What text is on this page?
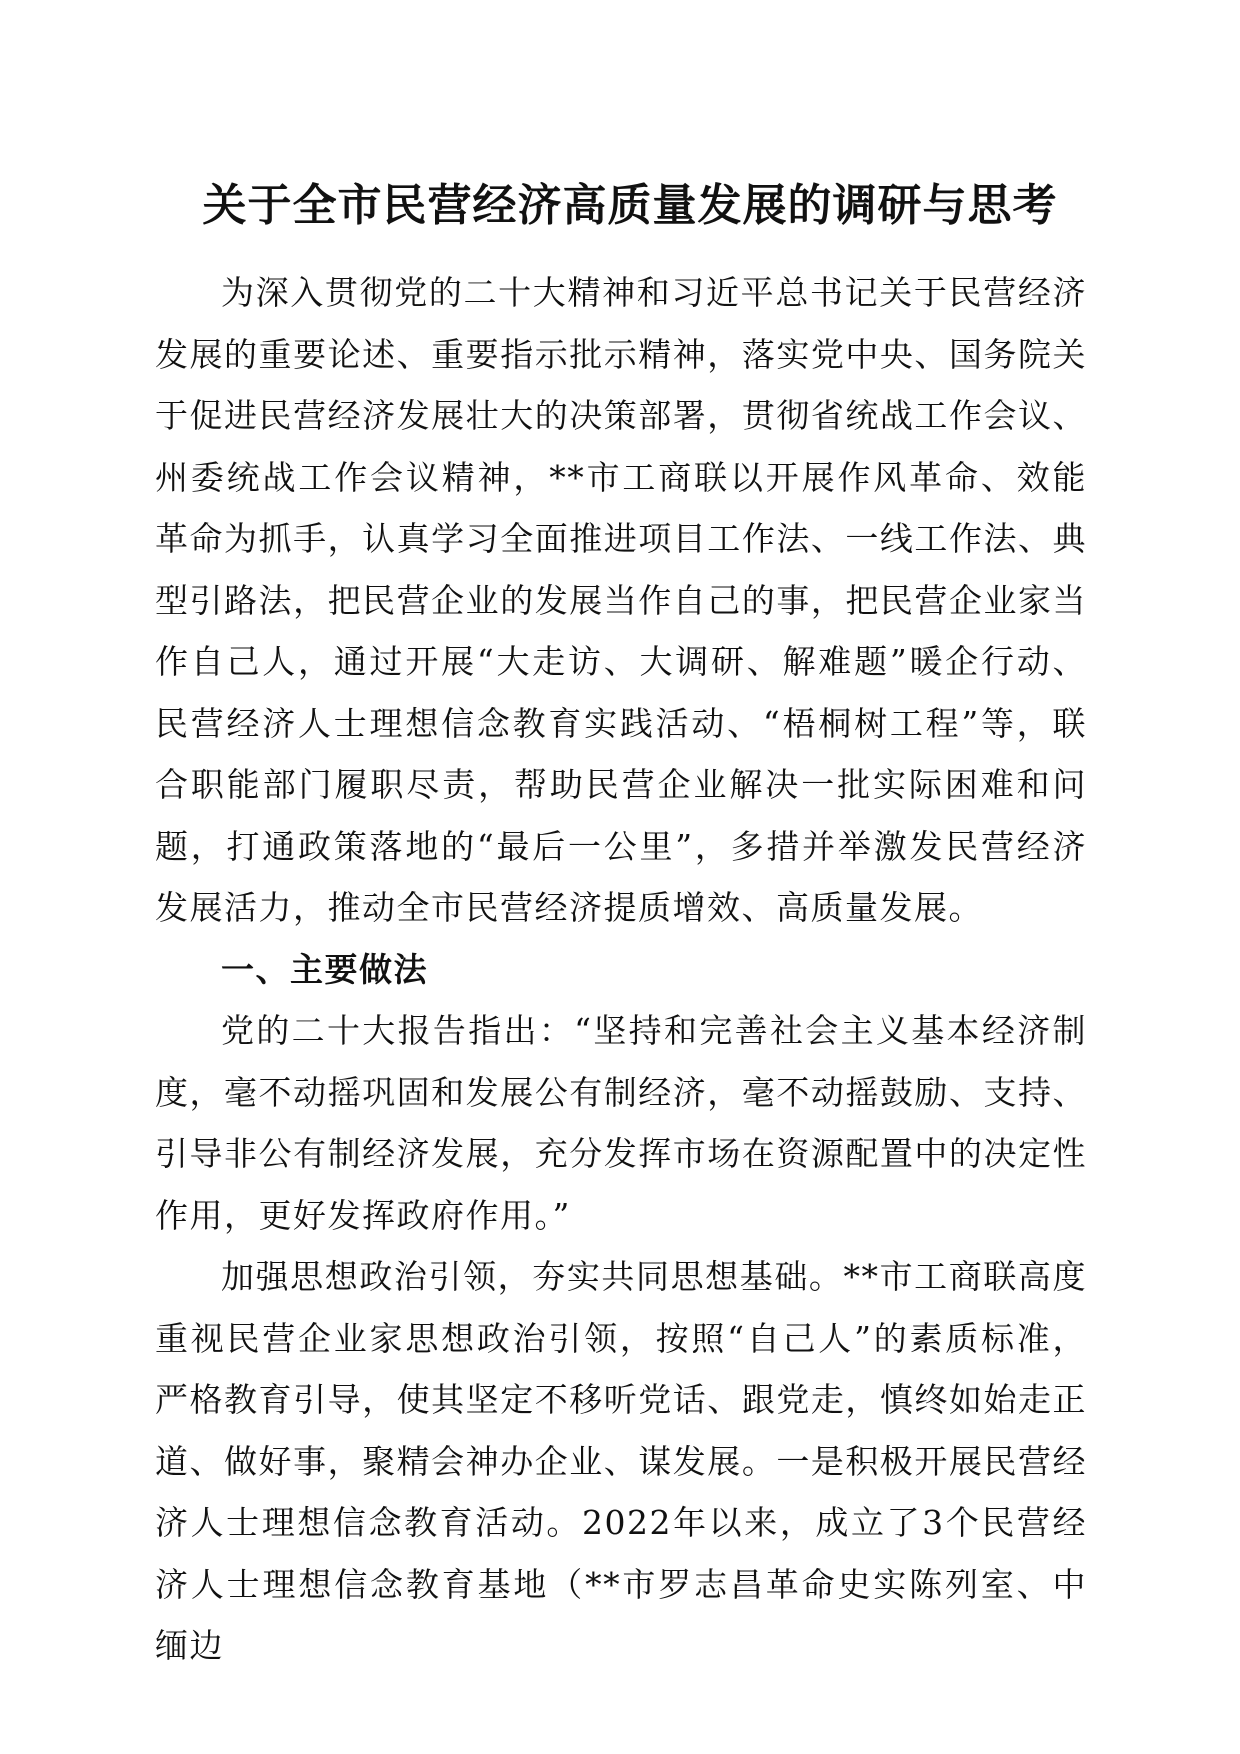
关于全市民营经济高质量发展的调研与思考

为深入贯彻党的二十大精神和习近平总书记关于民营经济发展的重要论述、重要指示批示精神，落实党中央、国务院关于促进民营经济发展壮大的决策部署，贯彻省统战工作会议、州委统战工作会议精神，**市工商联以开展作风革命、效能革命为抓手，认真学习全面推进项目工作法、一线工作法、典型引路法，把民营企业的发展当作自己的事，把民营企业家当作自己人，通过开展“大走访、大调研、解难题”暖企行动、民营经济人士理想信念教育实践活动、“梧桐树工程”等，联合职能部门履职尽责，帮助民营企业解决一批实际困难和问题，打通政策落地的“最后一公里”，多措并举激发民营经济发展活力，推动全市民营经济提质增效、高质量发展。

一、主要做法

党的二十大报告指出：“坚持和完善社会主义基本经济制度，毫不动摇巩固和发展公有制经济，毫不动摇鼓励、支持、引导非公有制经济发展，充分发挥市场在资源配置中的决定性作用，更好发挥政府作用。”

加强思想政治引领，夯实共同思想基础。**市工商联高度重视民营企业家思想政治引领，按照“自己人”的素质标准，严格教育引导，使其坚定不移听党话、跟党走，慎终如始走正道、做好事，聚精会神办企业、谋发展。一是积极开展民营经济人士理想信念教育活动。2022年以来，成立了3个民营经济人士理想信念教育基地（**市罗志昌革命史实陈列室、中缅边
